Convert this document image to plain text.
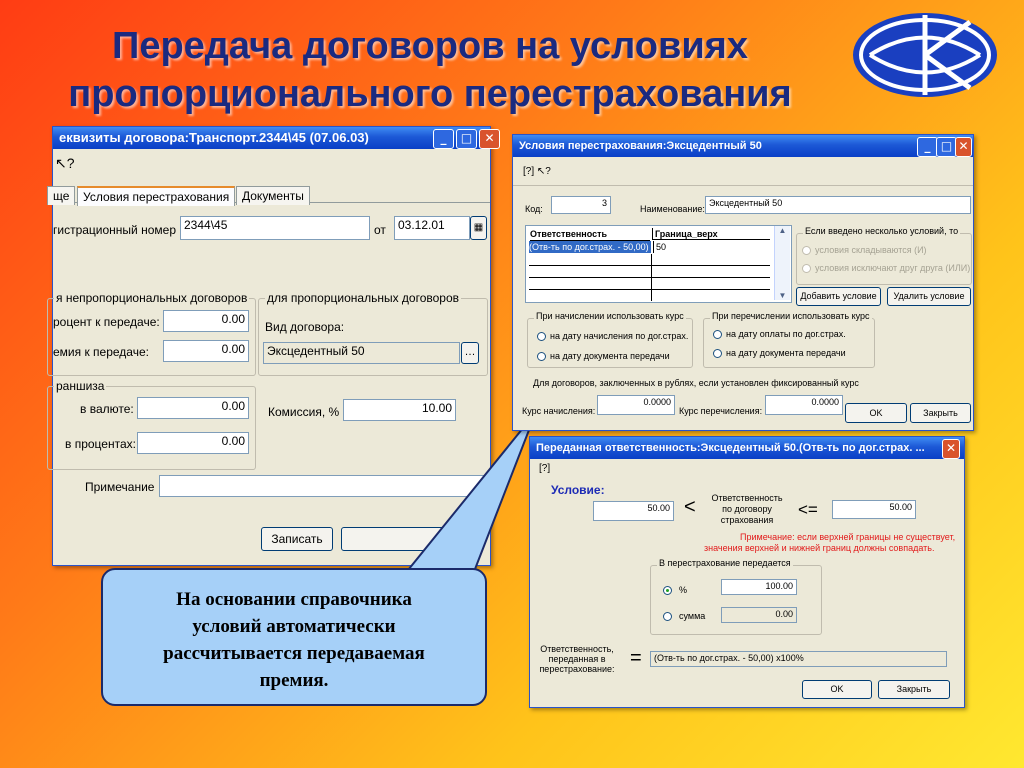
Передача договоров на условиях
пропорционального перестрахования
еквизиты договора:Транспорт.2344\45 (07.06.03)	_	□	✕
↖?
ще	Условия перестрахования	Документы
гистрационный номер 2344\45	от	03.12.01	▦
я непропорциональных договоров
роцент к передаче:	0.00
емия к передаче:	0.00
для пропорциональных договоров
Вид договора:
Эксцедентный 50	…
раншиза
в валюте:	0.00
в процентах:	0.00
Комиссия, %	10.00
Примечание
Записать
На основании справочника
условий автоматически
рассчитывается передаваемая
премия.
Условия перестрахования:Эксцедентный 50	_ □ ✕
[?] ↖?
Код:
3
Наименование:
Эксцедентный 50
Ответственность	Граница_верх
(Отв-ть по дог.страх. - 50,00) x 50
▲
▼
Если введено несколько условий, то
условия складываются (И)
условия исключают друг друга (ИЛИ)
Добавить условие	Удалить условие
При начислении использовать курс
на дату начисления по дог.страх.
на дату документа передачи
При перечислении использовать курс
на дату оплаты по дог.страх.
на дату документа передачи
Для договоров, заключенных в рублях, если установлен фиксированный курс
Курс начисления:
0.0000
Курс перечисления:
0.0000
OK	Закрыть
Переданная ответственность:Эксцедентный 50.(Отв-ть по дог.страх. ...	✕
[?]
Условие:
50.00 <	Ответственность
по договору
страхования
<=	50.00
Примечание: если верхней границы не существует,
значения верхней и нижней границ должны совпадать.
В перестрахование передается
%	100.00
сумма	0.00
Ответственность,
переданная в
перестрахование: =	(Отв-ть по дог.страх. - 50,00) x100%
OK	Закрыть
